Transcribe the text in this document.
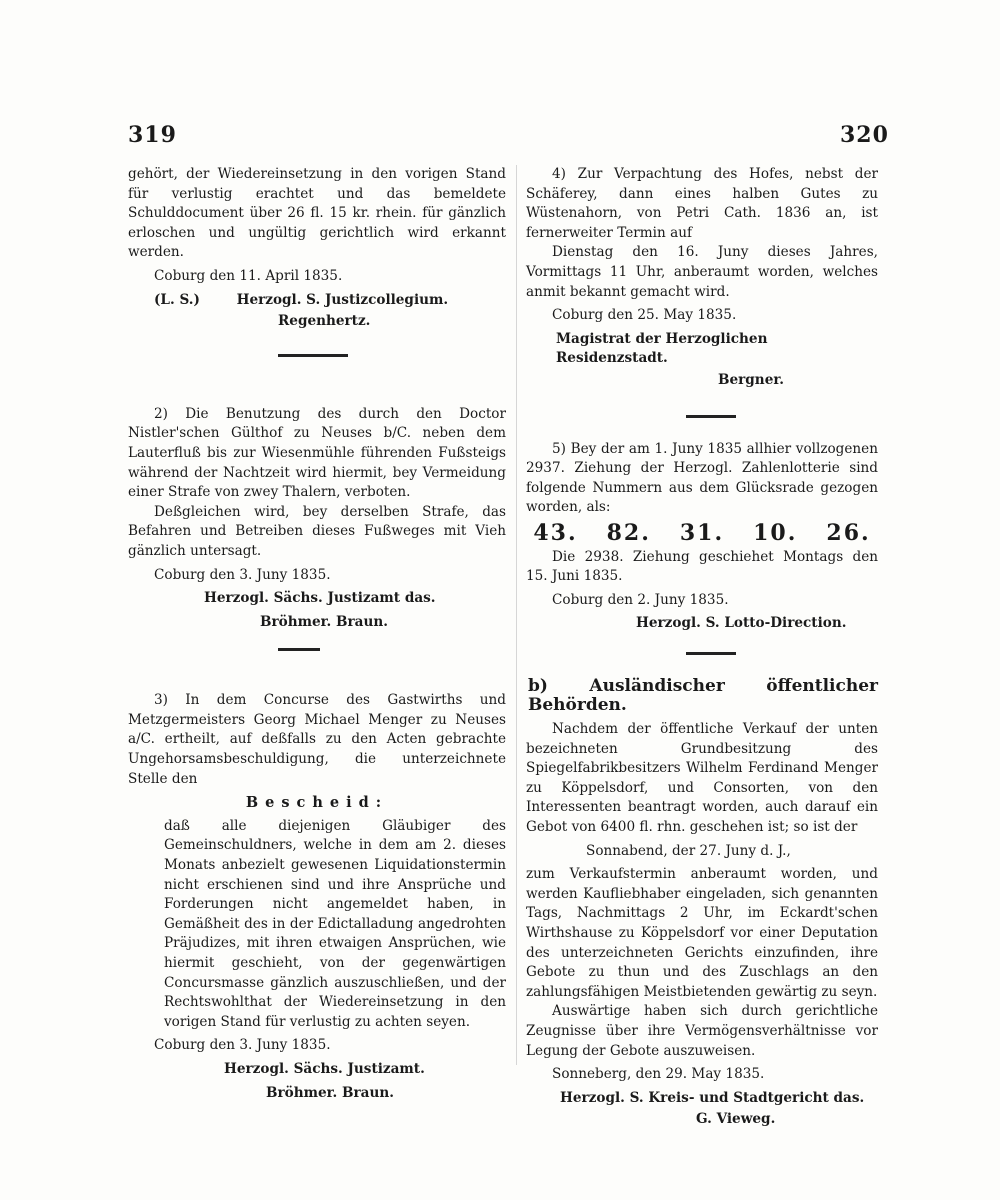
319	320

gehört, der Wiedereinsetzung in den vorigen Stand für verlustig erachtet und das bemeldete Schulddocument über 26 fl. 15 kr. rhein. für gänzlich erloschen und ungültig gerichtlich wird erkannt werden.

Coburg den 11. April 1835.

(L. S.)	Herzogl. S. Justizcollegium.

Regenhertz.

2) Die Benutzung des durch den Doctor Nistler'schen Gülthof zu Neuses b/C. neben dem Lauterfluß bis zur Wiesenmühle führenden Fußsteigs während der Nachtzeit wird hiermit, bey Vermeidung einer Strafe von zwey Thalern, verboten.

Deßgleichen wird, bey derselben Strafe, das Befahren und Betreiben dieses Fußweges mit Vieh gänzlich untersagt.

Coburg den 3. Juny 1835.

Herzogl. Sächs. Justizamt das.

Bröhmer. Braun.

3) In dem Concurse des Gastwirths und Metzgermeisters Georg Michael Menger zu Neuses a/C. ertheilt, auf deßfalls zu den Acten gebrachte Ungehorsamsbeschuldigung, die unterzeichnete Stelle den

Bescheid:

daß alle diejenigen Gläubiger des Gemeinschuldners, welche in dem am 2. dieses Monats anbezielt gewesenen Liquidationstermin nicht erschienen sind und ihre Ansprüche und Forderungen nicht angemeldet haben, in Gemäßheit des in der Edictalladung angedrohten Präjudizes, mit ihren etwaigen Ansprüchen, wie hiermit geschieht, von der gegenwärtigen Concursmasse gänzlich auszuschließen, und der Rechtswohlthat der Wiedereinsetzung in den vorigen Stand für verlustig zu achten seyen.

Coburg den 3. Juny 1835.

Herzogl. Sächs. Justizamt.

Bröhmer. Braun.

4) Zur Verpachtung des Hofes, nebst der Schäferey, dann eines halben Gutes zu Wüstenahorn, von Petri Cath. 1836 an, ist fernerweiter Termin auf

Dienstag den 16. Juny dieses Jahres, Vormittags 11 Uhr, anberaumt worden, welches anmit bekannt gemacht wird.

Coburg den 25. May 1835.

Magistrat der Herzoglichen Residenzstadt.

Bergner.

5) Bey der am 1. Juny 1835 allhier vollzogenen 2937. Ziehung der Herzogl. Zahlenlotterie sind folgende Nummern aus dem Glücksrade gezogen worden, als:

43. 82. 31. 10. 26.

Die 2938. Ziehung geschiehet Montags den 15. Juni 1835.

Coburg den 2. Juny 1835.

Herzogl. S. Lotto-Direction.

b) Ausländischer öffentlicher Behörden.

Nachdem der öffentliche Verkauf der unten bezeichneten Grundbesitzung des Spiegelfabrikbesitzers Wilhelm Ferdinand Menger zu Köppelsdorf, und Consorten, von den Interessenten beantragt worden, auch darauf ein Gebot von 6400 fl. rhn. geschehen ist; so ist der

Sonnabend, der 27. Juny d. J.,

zum Verkaufstermin anberaumt worden, und werden Kaufliebhaber eingeladen, sich genannten Tags, Nachmittags 2 Uhr, im Eckardt'schen Wirthshause zu Köppelsdorf vor einer Deputation des unterzeichneten Gerichts einzufinden, ihre Gebote zu thun und des Zuschlags an den zahlungsfähigen Meistbietenden gewärtig zu seyn.

Auswärtige haben sich durch gerichtliche Zeugnisse über ihre Vermögensverhältnisse vor Legung der Gebote auszuweisen.

Sonneberg, den 29. May 1835.

Herzogl. S. Kreis- und Stadtgericht das.

G. Vieweg.
